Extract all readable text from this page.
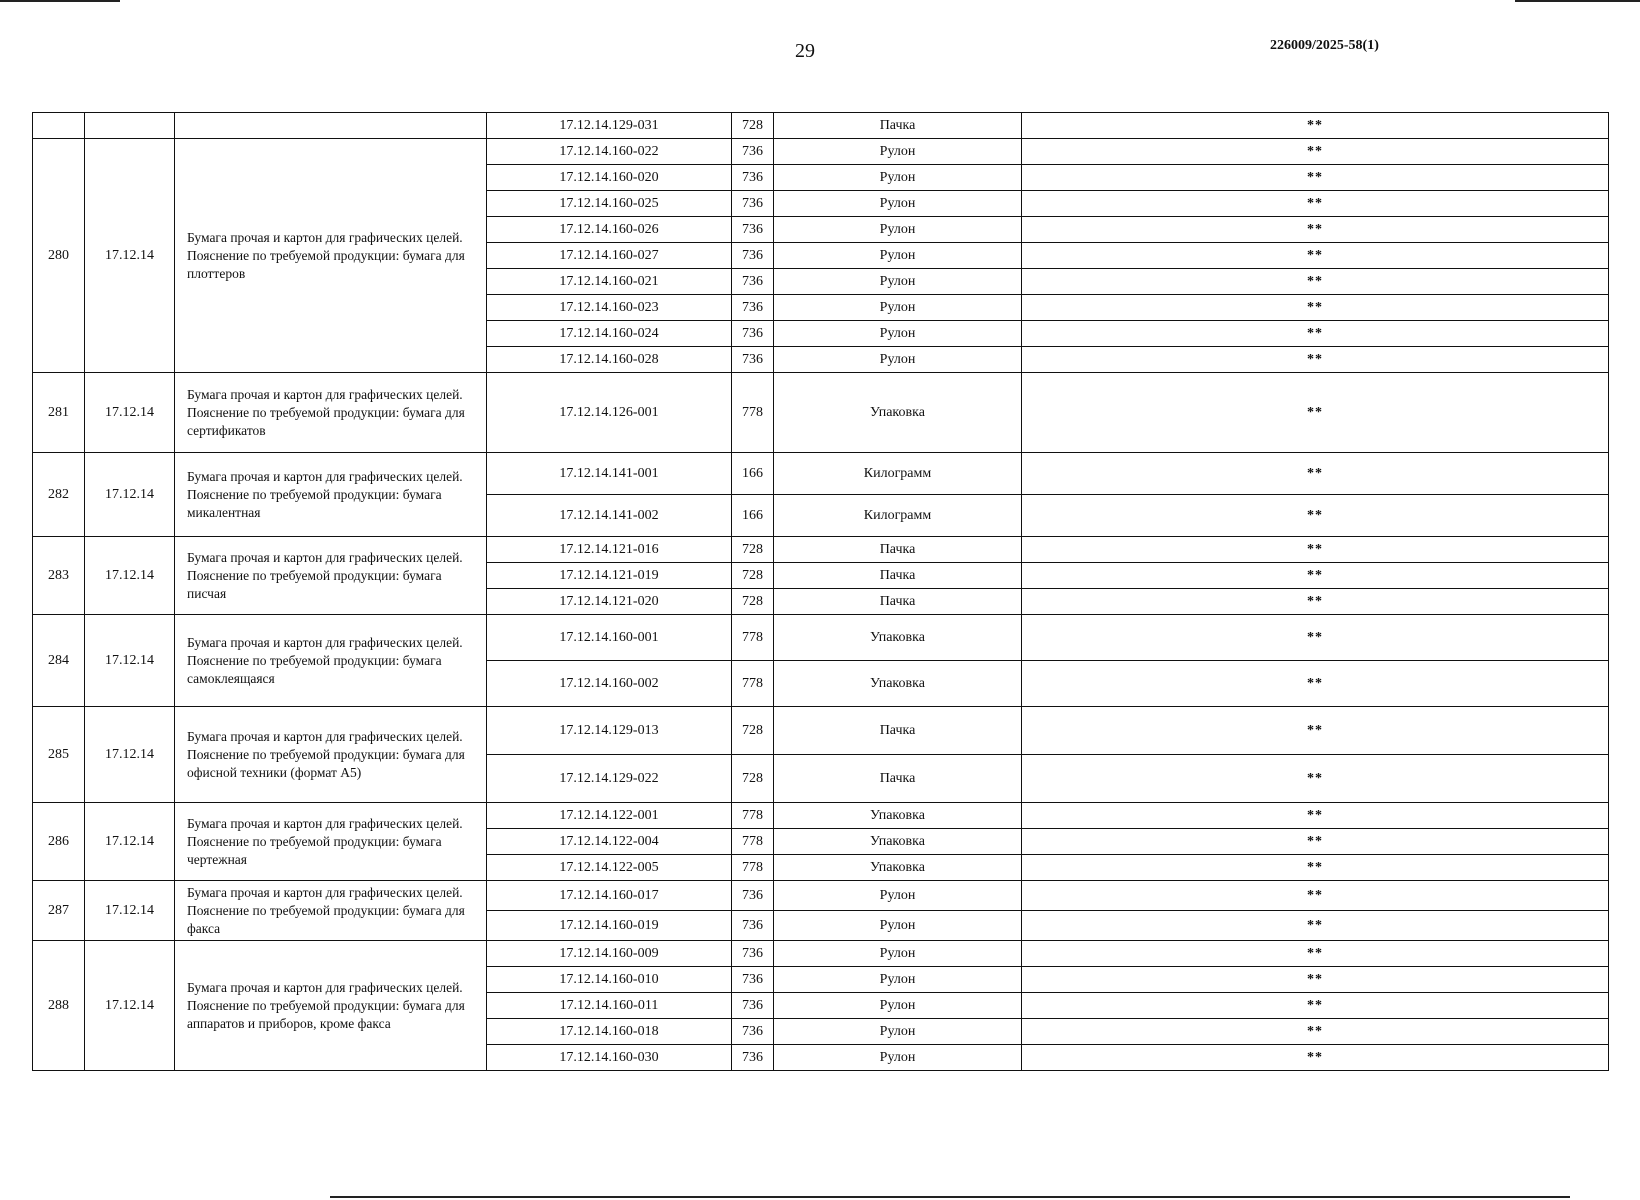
29	226009/2025-58(1)
			17.12.14.129-031	728	Пачка	**
280	17.12.14	Бумага прочая и картон для графических целей. Пояснение по требуемой продукции: бумага для плоттеров	17.12.14.160-022	736	Рулон	**
			17.12.14.160-020	736	Рулон	**
			17.12.14.160-025	736	Рулон	**
			17.12.14.160-026	736	Рулон	**
			17.12.14.160-027	736	Рулон	**
			17.12.14.160-021	736	Рулон	**
			17.12.14.160-023	736	Рулон	**
			17.12.14.160-024	736	Рулон	**
			17.12.14.160-028	736	Рулон	**
281	17.12.14	Бумага прочая и картон для графических целей. Пояснение по требуемой продукции: бумага для сертификатов	17.12.14.126-001	778	Упаковка	**
282	17.12.14	Бумага прочая и картон для графических целей. Пояснение по требуемой продукции: бумага микалентная	17.12.14.141-001	166	Килограмм	**
			17.12.14.141-002	166	Килограмм	**
283	17.12.14	Бумага прочая и картон для графических целей. Пояснение по требуемой продукции: бумага писчая	17.12.14.121-016	728	Пачка	**
			17.12.14.121-019	728	Пачка	**
			17.12.14.121-020	728	Пачка	**
284	17.12.14	Бумага прочая и картон для графических целей. Пояснение по требуемой продукции: бумага самоклеящаяся	17.12.14.160-001	778	Упаковка	**
			17.12.14.160-002	778	Упаковка	**
285	17.12.14	Бумага прочая и картон для графических целей. Пояснение по требуемой продукции: бумага для офисной техники (формат А5)	17.12.14.129-013	728	Пачка	**
			17.12.14.129-022	728	Пачка	**
286	17.12.14	Бумага прочая и картон для графических целей. Пояснение по требуемой продукции: бумага чертежная	17.12.14.122-001	778	Упаковка	**
			17.12.14.122-004	778	Упаковка	**
			17.12.14.122-005	778	Упаковка	**
287	17.12.14	Бумага прочая и картон для графических целей. Пояснение по требуемой продукции: бумага для факса	17.12.14.160-017	736	Рулон	**
			17.12.14.160-019	736	Рулон	**
288	17.12.14	Бумага прочая и картон для графических целей. Пояснение по требуемой продукции: бумага для аппаратов и приборов, кроме факса	17.12.14.160-009	736	Рулон	**
			17.12.14.160-010	736	Рулон	**
			17.12.14.160-011	736	Рулон	**
			17.12.14.160-018	736	Рулон	**
			17.12.14.160-030	736	Рулон	**
